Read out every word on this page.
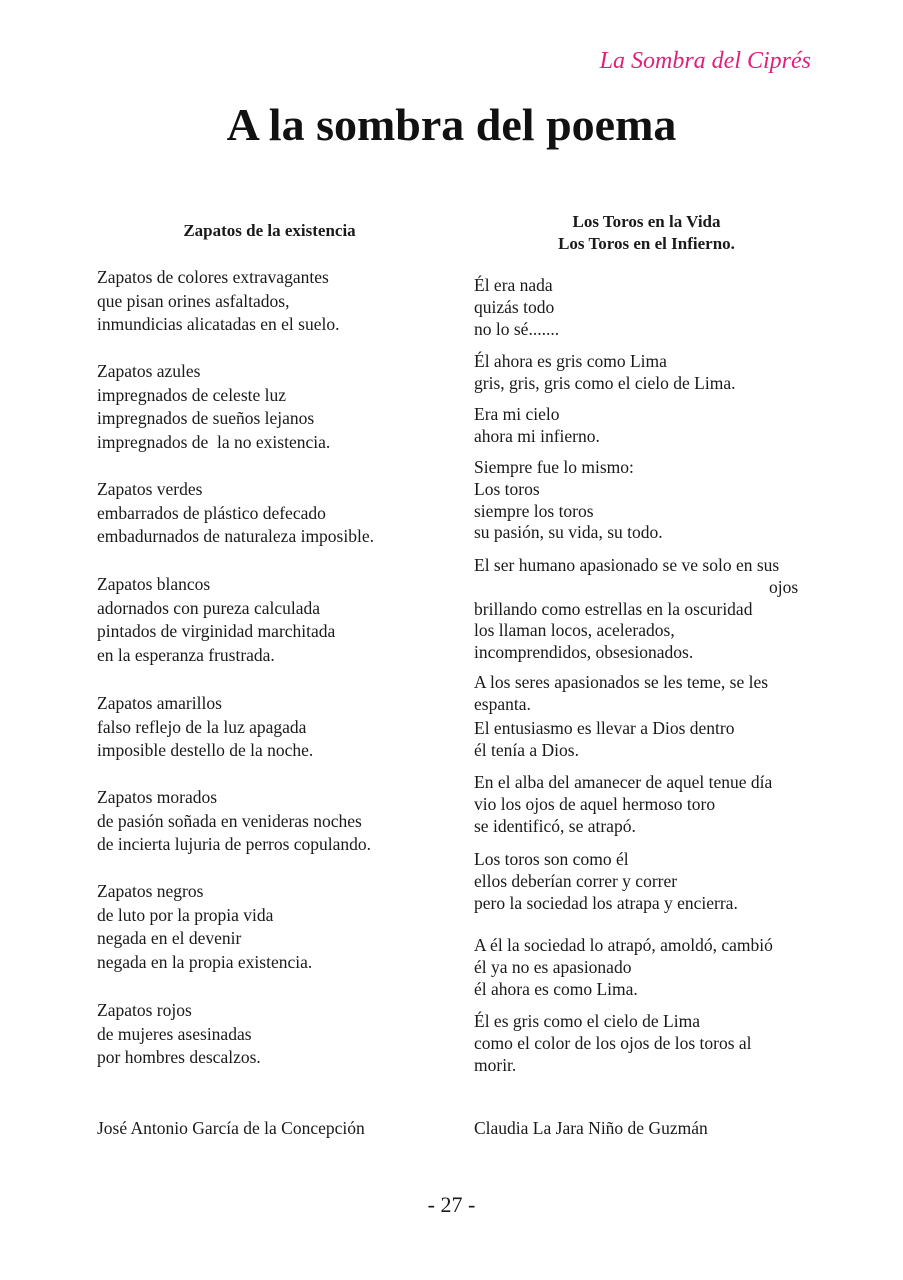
La Sombra del Ciprés
A la sombra del poema
Zapatos de la existencia
Zapatos de colores extravagantes
que pisan orines asfaltados,
inmundicias alicatadas en el suelo.
Zapatos azules
impregnados de celeste luz
impregnados de sueños lejanos
impregnados de  la no existencia.
Zapatos verdes
embarrados de plástico defecado
embadurnados de naturaleza imposible.
Zapatos blancos
adornados con pureza calculada
pintados de virginidad marchitada
en la esperanza frustrada.
Zapatos amarillos
falso reflejo de la luz apagada
imposible destello de la noche.
Zapatos morados
de pasión soñada en venideras noches
de incierta lujuria de perros copulando.
Zapatos negros
de luto por la propia vida
negada en el devenir
negada en la propia existencia.
Zapatos rojos
de mujeres asesinadas
por hombres descalzos.
José Antonio García de la Concepción
Los Toros en la Vida
Los Toros en el Infierno.
Él era nada
quizás todo
no lo sé.......
Él ahora es gris como Lima
gris, gris, gris como el cielo de Lima.
Era mi cielo
ahora mi infierno.
Siempre fue lo mismo:
Los toros
siempre los toros
su pasión, su vida, su todo.
El ser humano apasionado se ve solo en sus
ojos
brillando como estrellas en la oscuridad
los llaman locos, acelerados,
incomprendidos, obsesionados.
A los seres apasionados se les teme, se les
espanta.
El entusiasmo es llevar a Dios dentro
él tenía a Dios.
En el alba del amanecer de aquel tenue día
vio los ojos de aquel hermoso toro
se identificó, se atrapó.
Los toros son como él
ellos deberían correr y correr
pero la sociedad los atrapa y encierra.
A él la sociedad lo atrapó, amoldó, cambió
él ya no es apasionado
él ahora es como Lima.
Él es gris como el cielo de Lima
como el color de los ojos de los toros al
morir.
Claudia La Jara Niño de Guzmán
- 27 -
